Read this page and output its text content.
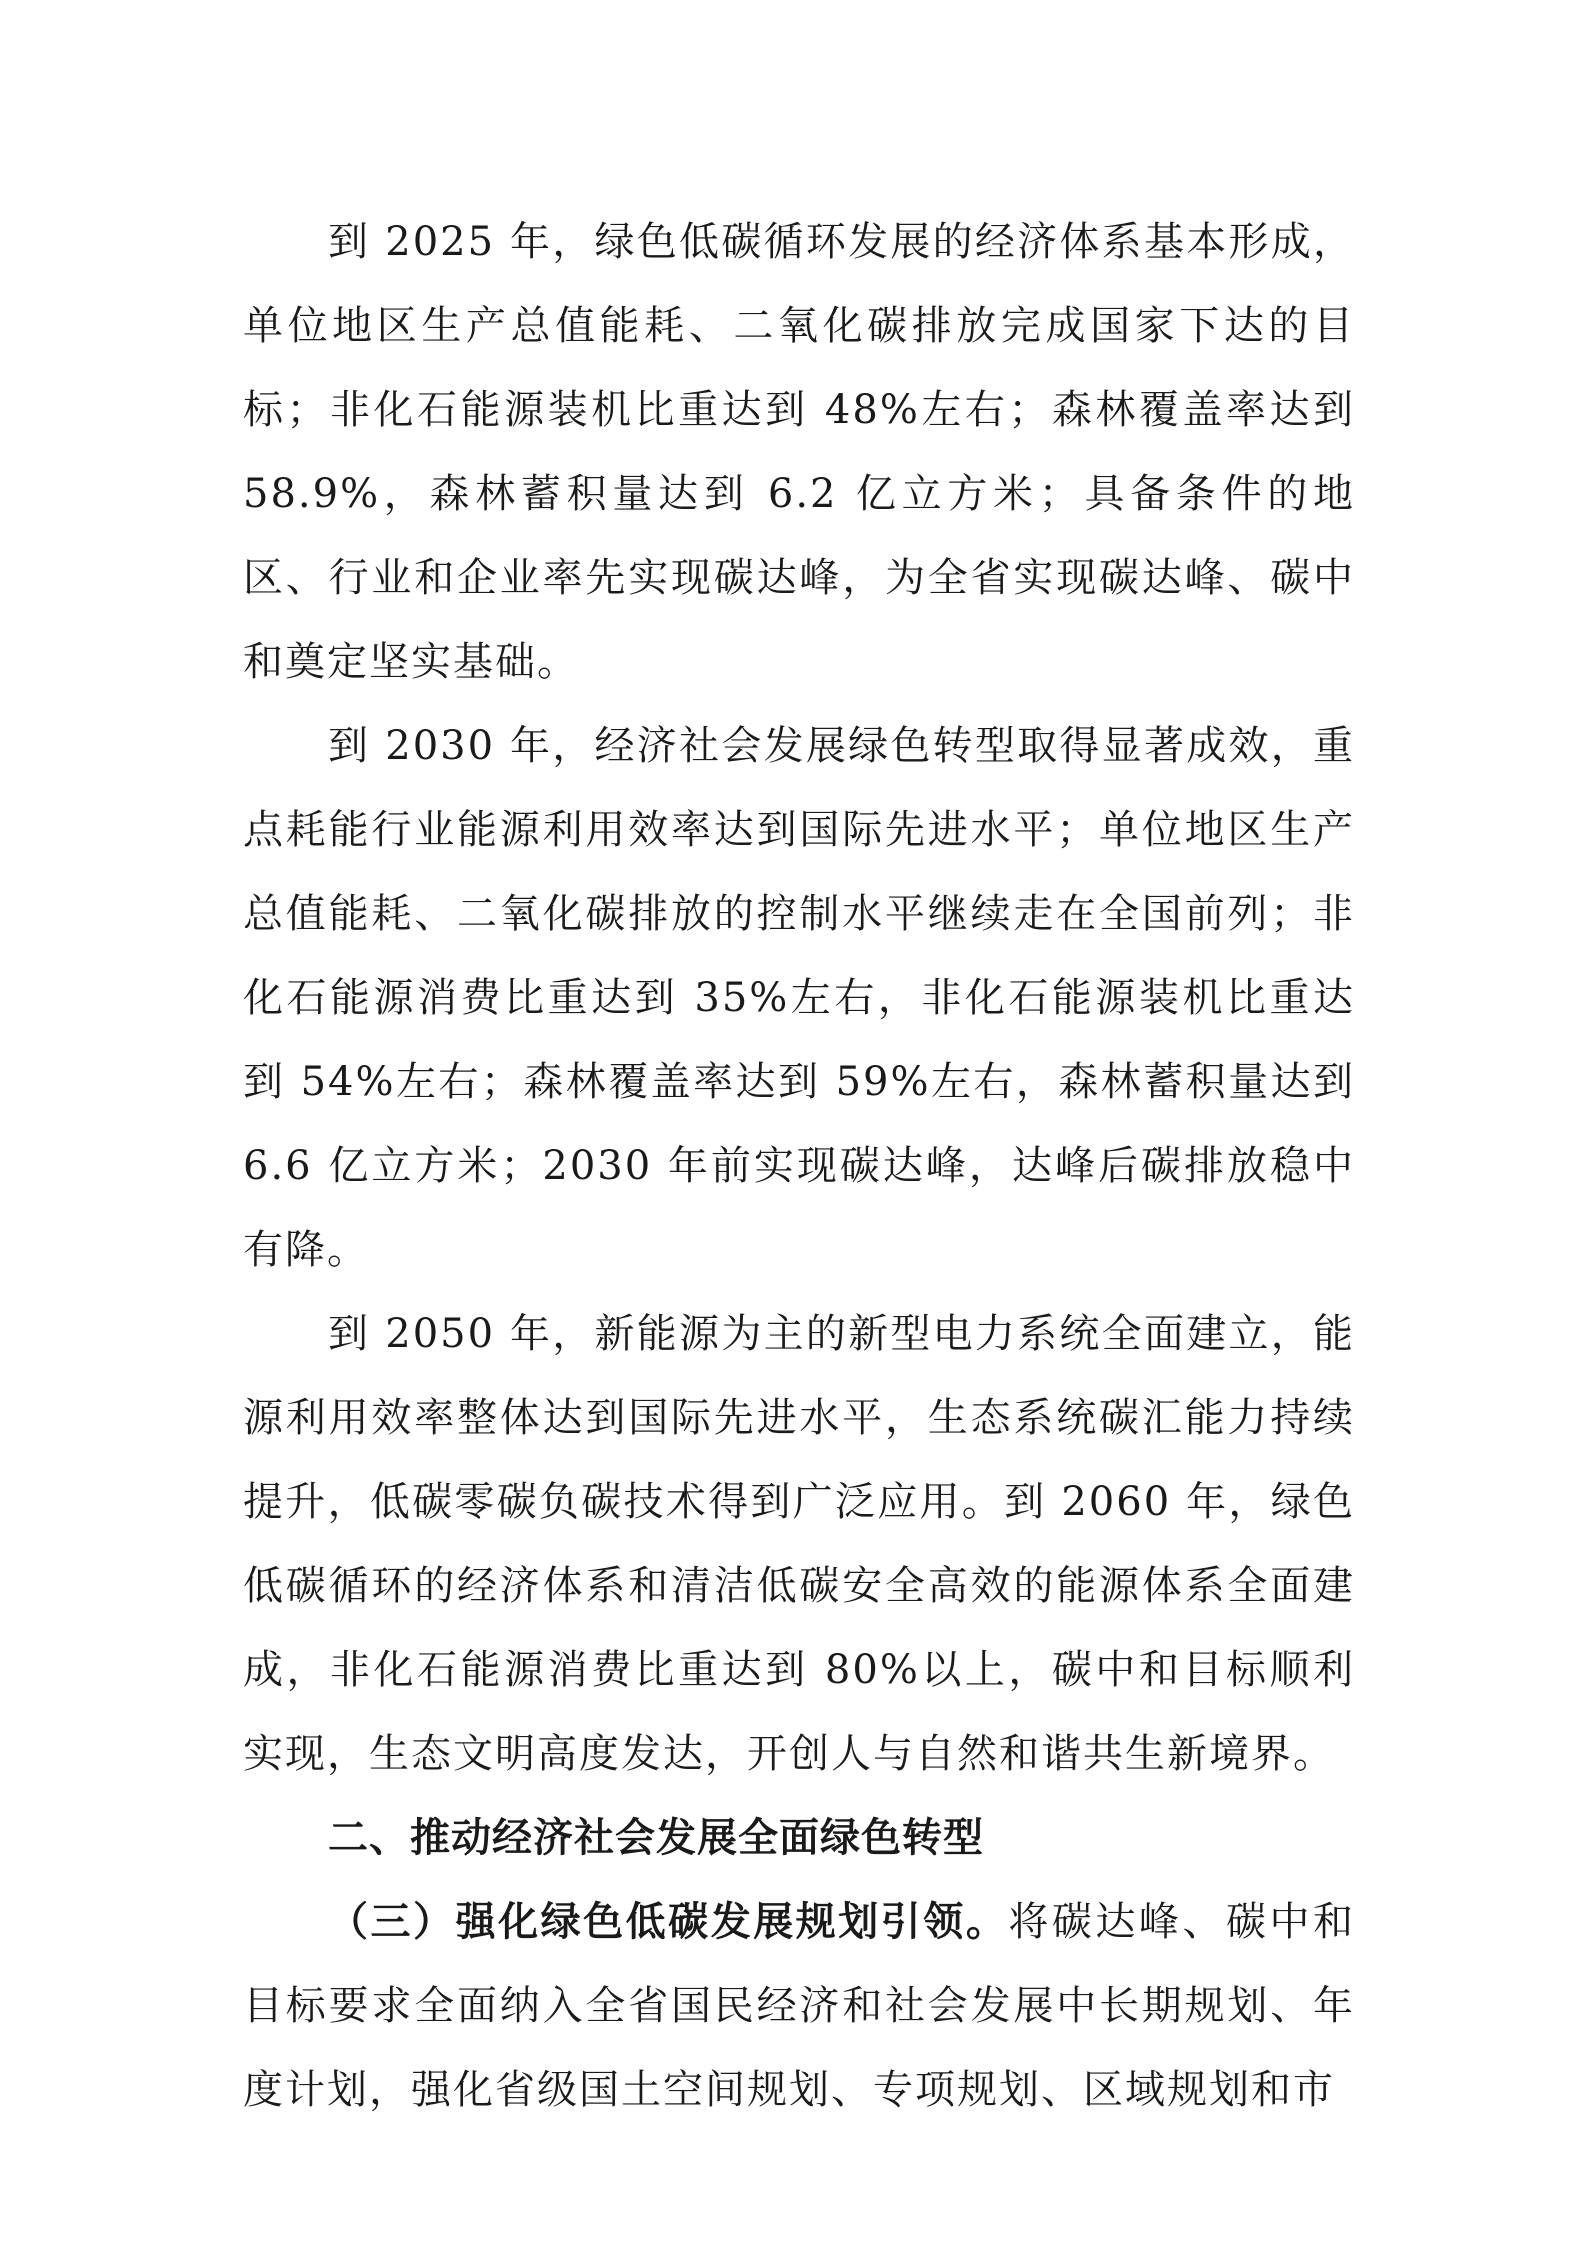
到 2025 年，绿色低碳循环发展的经济体系基本形成，单位地区生产总值能耗、二氧化碳排放完成国家下达的目标；非化石能源装机比重达到 48%左右；森林覆盖率达到 58.9%，森林蓄积量达到 6.2 亿立方米；具备条件的地区、行业和企业率先实现碳达峰，为全省实现碳达峰、碳中和奠定坚实基础。

到 2030 年，经济社会发展绿色转型取得显著成效，重点耗能行业能源利用效率达到国际先进水平；单位地区生产总值能耗、二氧化碳排放的控制水平继续走在全国前列；非化石能源消费比重达到 35%左右，非化石能源装机比重达到 54%左右；森林覆盖率达到 59%左右，森林蓄积量达到 6.6 亿立方米；2030 年前实现碳达峰，达峰后碳排放稳中有降。

到 2050 年，新能源为主的新型电力系统全面建立，能源利用效率整体达到国际先进水平，生态系统碳汇能力持续提升，低碳零碳负碳技术得到广泛应用。到 2060 年，绿色低碳循环的经济体系和清洁低碳安全高效的能源体系全面建成，非化石能源消费比重达到 80%以上，碳中和目标顺利实现，生态文明高度发达，开创人与自然和谐共生新境界。

二、推动经济社会发展全面绿色转型

（三）强化绿色低碳发展规划引领。将碳达峰、碳中和目标要求全面纳入全省国民经济和社会发展中长期规划、年度计划，强化省级国土空间规划、专项规划、区域规划和市
